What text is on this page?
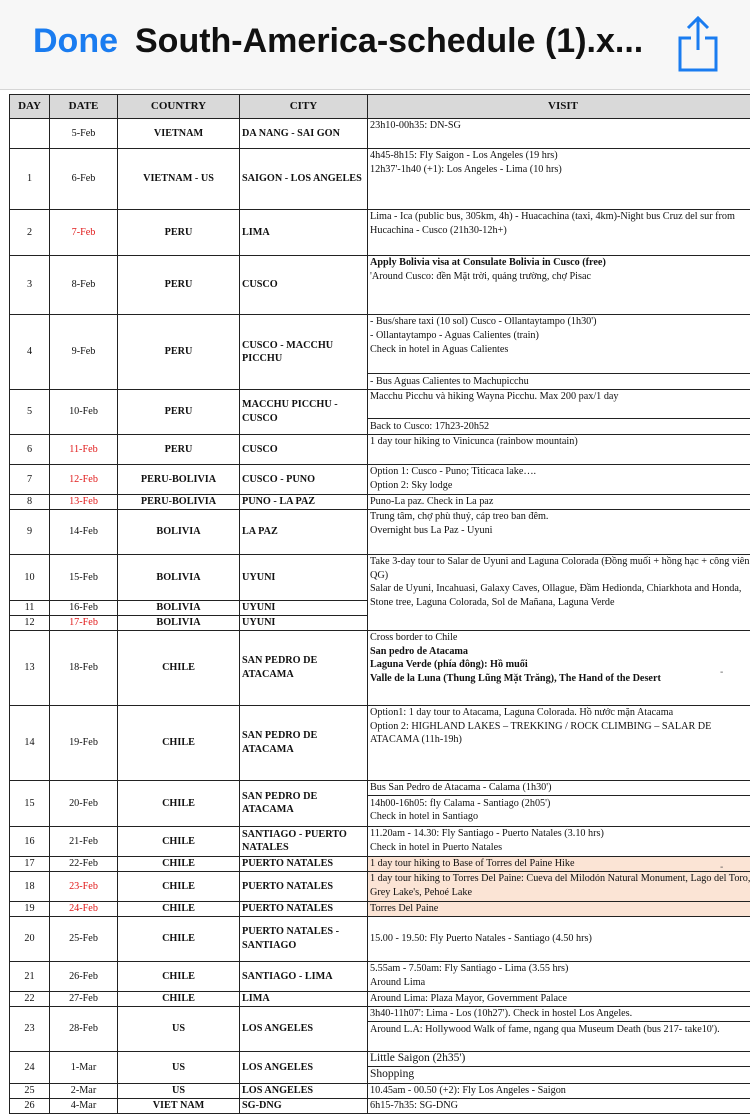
Done South-America-schedule (1).x...
DAY	DATE	COUNTRY	CITY	VISIT
	5-Feb	VIETNAM	DA NANG - SAI GON	23h10-00h35: DN-SG

1	6-Feb	VIETNAM - US	SAIGON - LOS ANGELES	4h45-8h15: Fly Saigon - Los Angeles (19 hrs)
12h37'-1h40 (+1): Los Angeles - Lima (10 hrs)

2	7-Feb	PERU	LIMA	Lima - Ica (public bus, 305km, 4h) - Huacachina (taxi, 4km)-Night bus Cruz del sur from Hucachina - Cusco (21h30-12h+)

3	8-Feb	PERU	CUSCO	Apply Bolivia visa at Consulate Bolivia in Cusco (free)
'Around Cusco: đền Mặt trời, quảng trường, chợ Pisac

4	9-Feb	PERU	CUSCO - MACCHU PICCHU	- Bus/share taxi (10 sol) Cusco - Ollantaytampo (1h30')
- Ollantaytampo - Aguas Calientes (train)
Check in hotel in Aguas Calientes
- Bus Aguas Calientes to Machupicchu

5	10-Feb	PERU	MACCHU PICCHU - CUSCO	Macchu Picchu và hiking Wayna Picchu. Max 200 pax/1 day
Back to Cusco: 17h23-20h52

6	11-Feb	PERU	CUSCO	1 day tour hiking to Vinicunca (rainbow mountain)

7	12-Feb	PERU-BOLIVIA	CUSCO - PUNO	Option 1: Cusco - Puno; Titicaca lake….
Option 2: Sky lodge

8	13-Feb	PERU-BOLIVIA	PUNO - LA PAZ	Puno-La paz. Check in La paz

9	14-Feb	BOLIVIA	LA PAZ	Trung tâm, chợ phù thuỷ, cáp treo ban đêm.
Overnight bus La Paz - Uyuni

10	15-Feb	BOLIVIA	UYUNI	Take 3-day tour to Salar de Uyuni and Laguna Colorada (Đồng muối + hồng hạc + công viên QG)
Salar de Uyuni, Incahuasi, Galaxy Caves, Ollague, Đầm Hedionda, Chiarkhota and Honda, Stone tree, Laguna Colorada, Sol de Mañana, Laguna Verde

11	16-Feb	BOLIVIA	UYUNI	
12	17-Feb	BOLIVIA	UYUNI	
13	18-Feb	CHILE	SAN PEDRO DE ATACAMA	Cross border to Chile
San pedro de Atacama
Laguna Verde (phía đông): Hồ muối
Valle de la Luna (Thung Lũng Mặt Trăng), The Hand of the Desert

14	19-Feb	CHILE	SAN PEDRO DE ATACAMA	Option1: 1 day tour to Atacama, Laguna Colorada. Hồ nước mặn Atacama
Option 2: HIGHLAND LAKES – TREKKING / ROCK CLIMBING – SALAR DE ATACAMA (11h-19h)

15	20-Feb	CHILE	SAN PEDRO DE ATACAMA	Bus San Pedro de Atacama - Calama (1h30')
14h00-16h05: fly Calama - Santiago (2h05')
Check in hotel in Santiago

16	21-Feb	CHILE	SANTIAGO - PUERTO NATALES	11.20am - 14.30: Fly Santiago - Puerto Natales (3.10 hrs)
Check in hotel in Puerto Natales

17	22-Feb	CHILE	PUERTO NATALES	1 day tour hiking to Base of Torres del Paine Hike

18	23-Feb	CHILE	PUERTO NATALES	1 day tour hiking to Torres Del Paine: Cueva del Milodón Natural Monument, Lago del Toro, Grey Lake's, Pehoé Lake

19	24-Feb	CHILE	PUERTO NATALES	Torres Del Paine

20	25-Feb	CHILE	PUERTO NATALES - SANTIAGO	15.00 - 19.50: Fly Puerto Natales - Santiago (4.50 hrs)

21	26-Feb	CHILE	SANTIAGO - LIMA	5.55am - 7.50am: Fly Santiago - Lima (3.55 hrs)
Around Lima

22	27-Feb	CHILE	LIMA	Around Lima: Plaza Mayor, Government Palace

23	28-Feb	US	LOS ANGELES	3h40-11h07': Lima - Los (10h27'). Check in hostel Los Angeles.
Around L.A: Hollywood Walk of fame, ngang qua Museum Death (bus 217- take10').

24	1-Mar	US	LOS ANGELES	Little Saigon (2h35')
Shopping

25	2-Mar	US	LOS ANGELES	10.45am - 00.50 (+2): Fly Los Angeles - Saigon

26	4-Mar	VIET NAM	SG-DNG	6h15-7h35: SG-DNG
-
-
